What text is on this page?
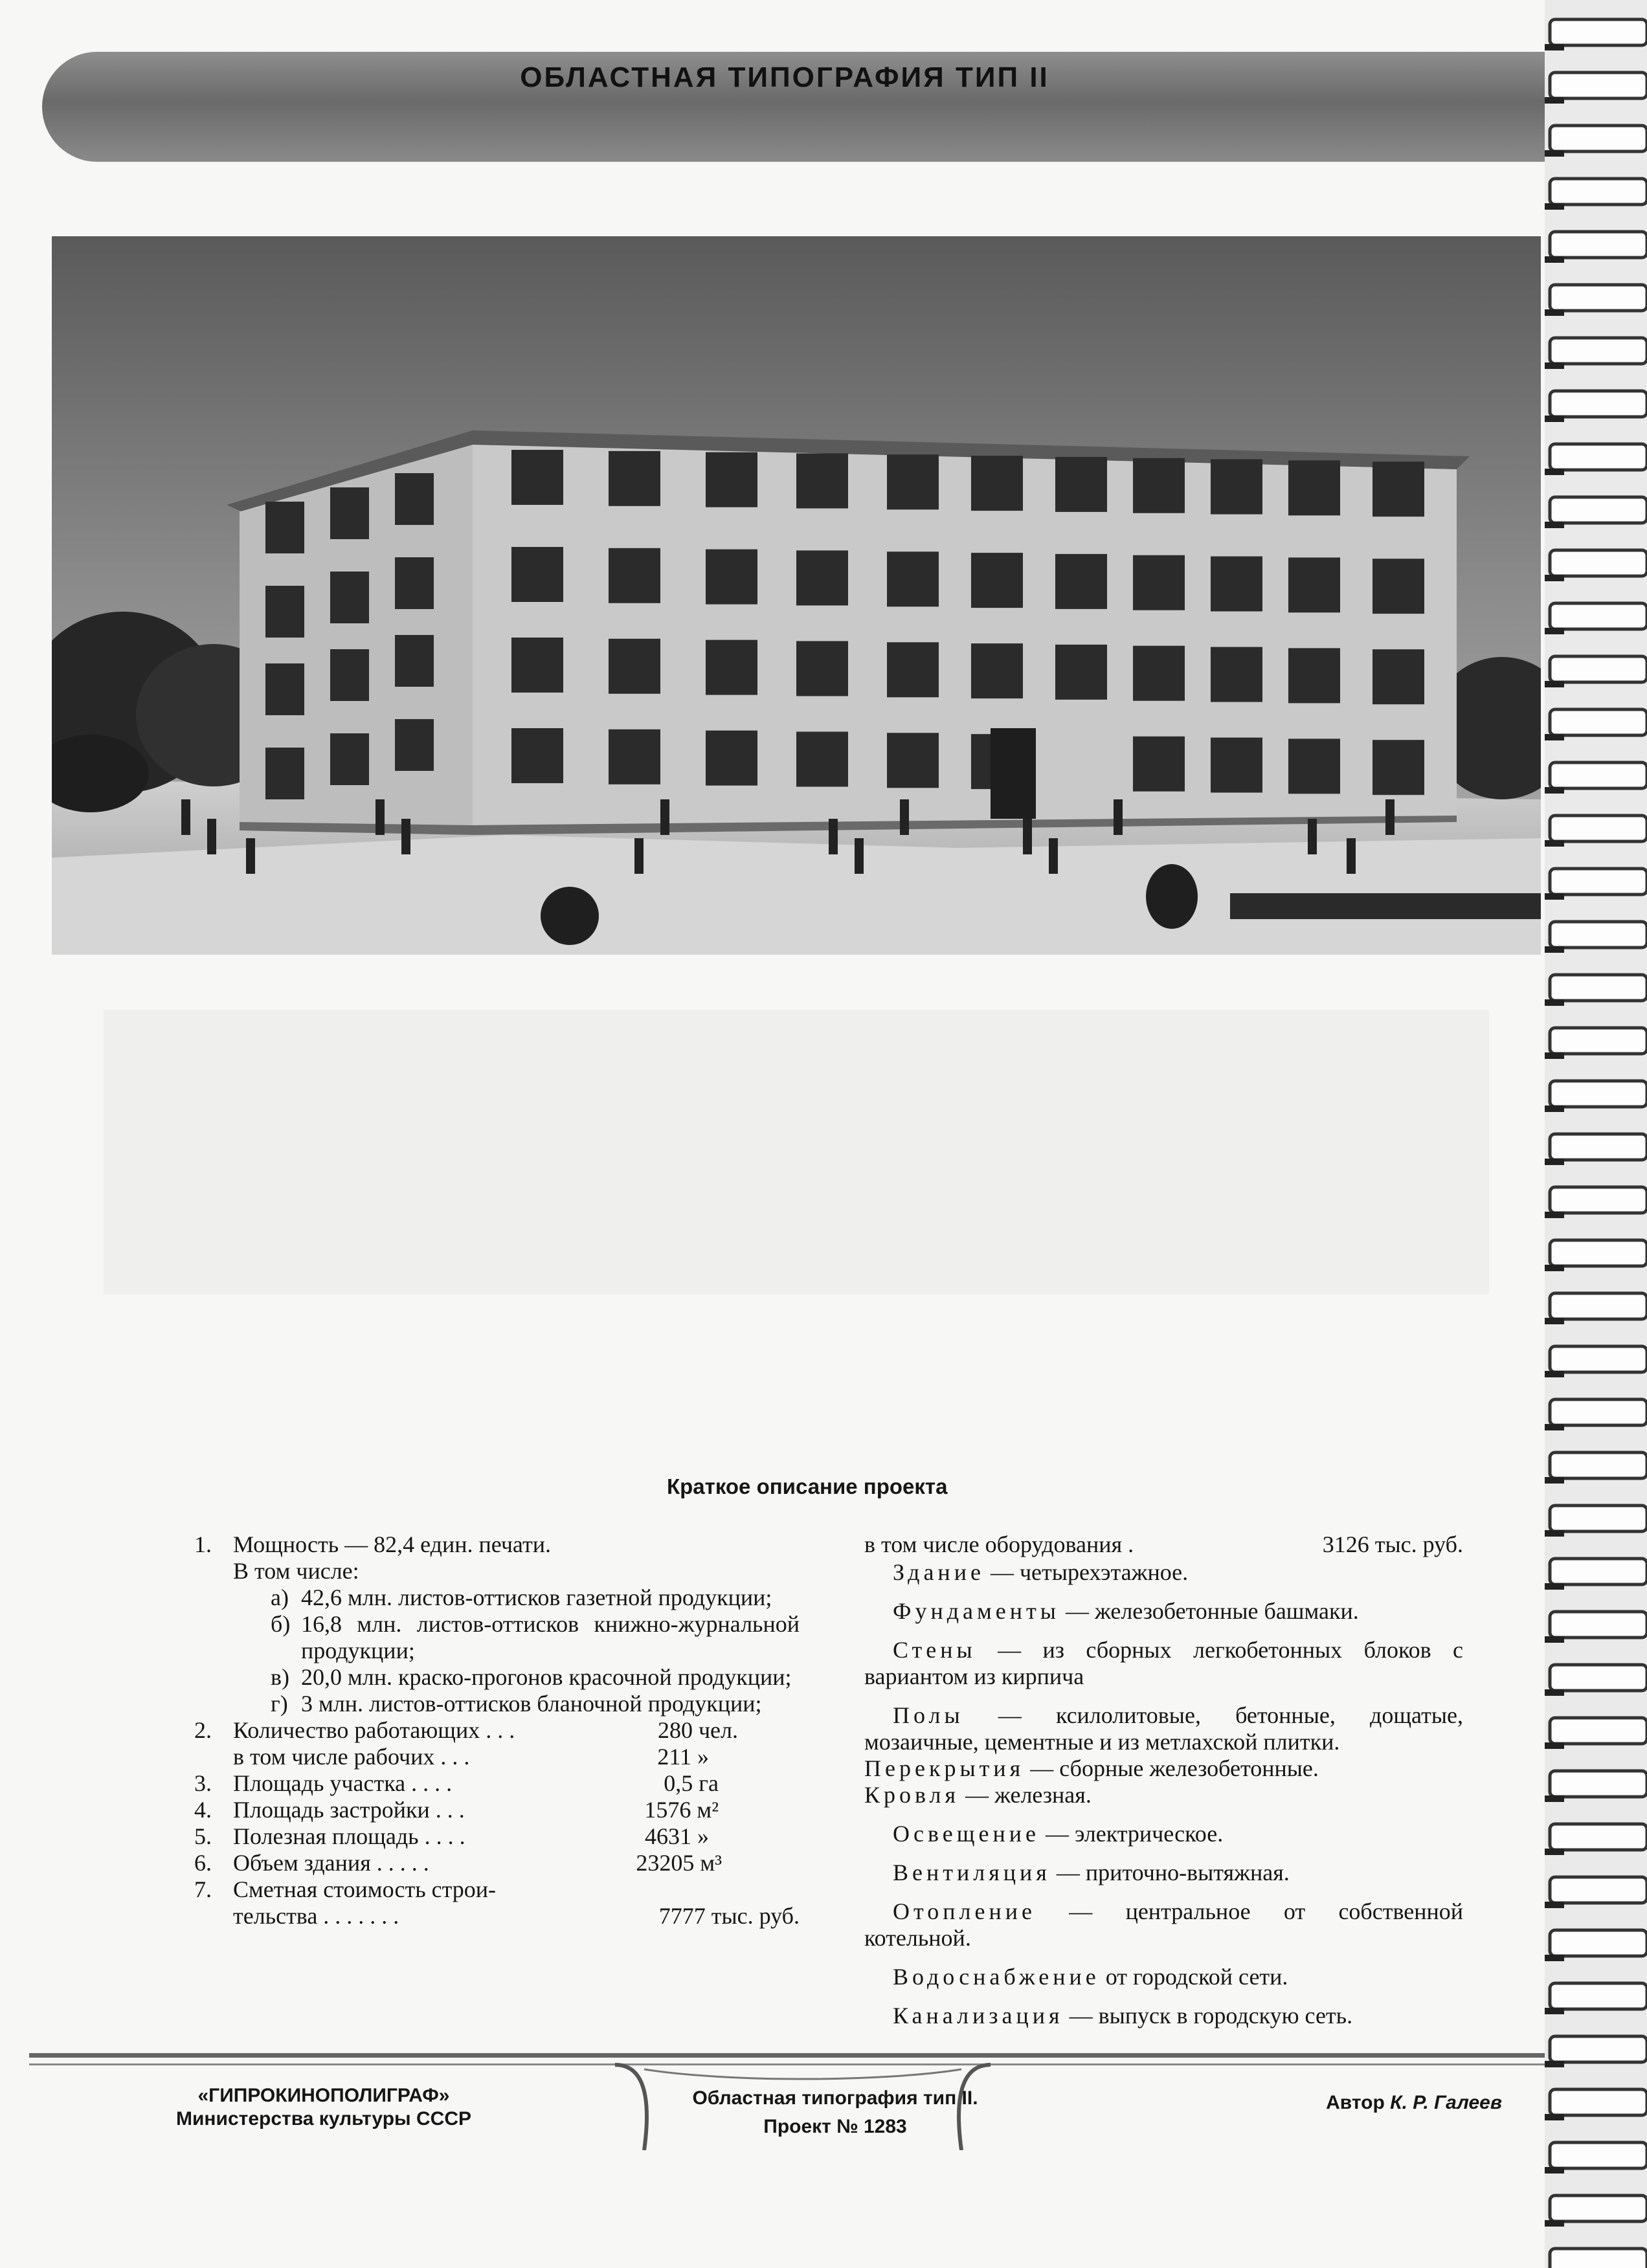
ОБЛАСТНАЯ ТИПОГРАФИЯ ТИП II
Краткое описание проекта
1. Мощность — 82,4 един. печати.
В том числе:
а) 42,6 млн. листов-оттисков газетной продукции;
б) 16,8 млн. листов-оттисков книжно-журнальной продукции;
в) 20,0 млн. краско-прогонов красочной продукции;
г) 3 млн. листов-оттисков бланочной продукции;
2. Количество работающих . . .	280 чел.
в том числе рабочих . . .	211 »
3. Площадь участка . . . .	0,5 га
4. Площадь застройки . . .	1576 м²
5. Полезная площадь . . . .	4631 »
6. Объем здания . . . . .	23205 м³
7. Сметная стоимость строи-
тельства . . . . . . .	7777 тыс. руб.
в том числе оборудования .	3126 тыс. руб.

Здание — четырехэтажное.

Фундаменты — железобетонные башмаки.

Стены — из сборных легкобетонных блоков с вариантом из кирпича

Полы — ксилолитовые, бетонные, дощатые, мозаичные, цементные и из метлахской плитки.

Перекрытия — сборные железобетонные.

Кровля — железная.

Освещение — электрическое.

Вентиляция — приточно-вытяжная.

Отопление — центральное от собственной котельной.

Водоснабжение от городской сети.

Канализация — выпуск в городскую сеть.

«ГИПРОКИНОПОЛИГРАФ»
Министерства культуры СССР
Областная типография тип II.
Проект № 1283
Автор К. Р. Галеев
